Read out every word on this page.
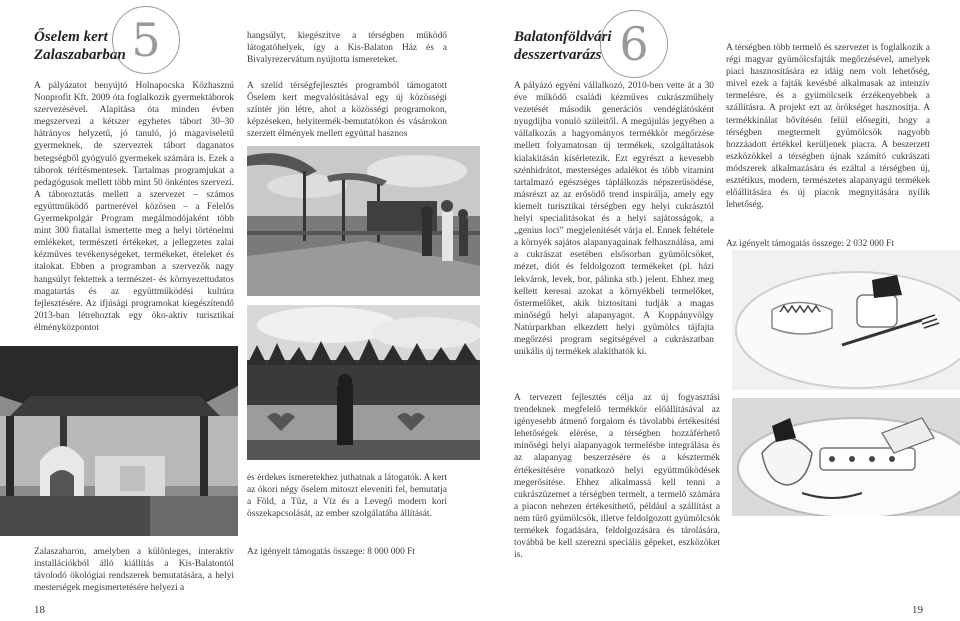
Őselem kert
Zalaszabarban 5

A pályázatot benyújtó Holnapocska Közhasznú Nonprofit Kft. 2009 óta foglalkozik gyermektáborok szervezésével. Alapítása óta minden évben megszervezi a kétszer egyhetes tábort 30–30 hátrányos helyzetű, jó tanuló, jó magaviseletű gyermeknek, de szerveztek tábort daganatos betegségből gyógyuló gyermekek számára is. Ezek a táborok térítésmentesek. Tartalmas programjukat a pedagógusok mellett több mint 50 önkéntes szervezi. A táboroztatás mellett a szervezet – számos együttműködő partnerével közösen – a Felelős Gyermekpolgár Program megálmodójaként több mint 300 fiatallal ismertette meg a helyi történelmi emlékeket, természeti értékeket, a jellegzetes zalai kézműves tevékenységeket, termékeket, ételeket és italokat. Ebben a programban a szervezők nagy hangsúlyt fektettek a természet- és környezettudatos magatartás és az együttműködési kultúra fejlesztésére. Az ifjúsági programokat kiegészítendő 2013-ban létrehoztak egy öko-aktív turisztikai élményközpontot

Zalaszabaron, amelyben a különleges, interaktív installációkból álló kiállítás a Kis-Balatontól távolodó ökológiai rendszerek bemutatására, a helyi mesterségek megismertetésére helyezi a

hangsúlyt, kiegészítve a térségben működő látogatóhelyek, így a Kis-Balaton Ház és a Bivalyrezervátum nyújtotta ismereteket.

A szelíd térségfejlesztés programból támogatott Őselem kert megvalósításával egy új közösségi színtér jön létre, ahol a közösségi programokon, képzéseken, helyitermék-bemutatókon és vásárokon szerzett élmények mellett együttal hasznos

és érdekes ismeretekhez juthatnak a látogatók. A kert az ókori négy őselem mitoszt eleveníti fel, bemutatja a Föld, a Tűz, a Víz és a Levegő modern kori összekapcsolását, az ember szolgálatába állítását.

Az igényelt támogatás összege: 8 000 000 Ft

18
Balatonföldvári
desszertvarázs 6

A pályázó egyéni vállalkozó, 2010-ben vette át a 30 éve működő családi kézműves cukrászműhely vezetését második generációs vendéglátósként nyugdíjba vonuló szüleitől. A megújulás jegyében a vállalkozás a hagyományos termékkör megőrzése mellett folyamatosan új termékek, szolgáltatások kialakításán kísérletezik. Ezt egyrészt a kevesebb szénhidrátot, mesterséges adalékot és több vitamint tartalmazó egészséges táplálkozás népszerűsödése, másrészt az az erősödő trend inspirálja, amely egy kiemelt turisztikai térségben egy helyi cukrásztól helyi specialitásokat és a helyi sajátosságok, a „genius loci” megjelenítését várja el. Ennek feltétele a környék sajátos alapanyagainak felhasználása, ami a cukrászat esetében elsősorban gyümölcsöket, mézet, diót és feldolgozott termékeket (pl. házi lekvárok, levek, bor, pálinka stb.) jelent. Ehhez meg kellett keresni azokat a környékbeli termelőket, őstermelőket, akik biztosítani tudják a magas minőségű helyi alapanyagot. A Koppányvölgy Natúrparkban elkezdett helyi gyümölcs tájfajta megőrzési program segítségével a cukrászatban unikális új termékek alakíthatók ki.

A térségben több termelő és szervezet is foglalkozik a régi magyar gyümölcsfajták megőrzésével, amelyek piaci hasznosítására ez idáig nem volt lehetőség, mivel ezek a fajták kevésbé alkalmasak az intenzív termelésre, és a gyümölcseik érzékenyebbek a szállításra. A projekt ezt az örökséget hasznosítja. A termékkínálat bővítésén felül elősegíti, hogy a térségben megtermelt gyümölcsök nagyobb hozzáadott értékkel kerüljenek piacra. A beszerzett eszközökkel a térségben újnak számító cukrászati módszerek alkalmazására és ezáltal a térségben új, esztétikus, modern, természetes alapanyagú termékek előállítására és új piacok megnyitására nyílik lehetőség.

Az igényelt támogatás összege: 2 032 000 Ft

A tervezett fejlesztés célja az új fogyasztási trendeknek megfelelő termékkör előállításával az igényesebb átmenő forgalom és távolabbi értékesítési lehetőségek elérése, a térségben hozzáférhető minőségi helyi alapanyagok termelésbe integrálása és az alapanyag beszerzésére és a késztermék értékesítésére vonatkozó helyi együttműködések megerősítése. Ehhez alkalmassá kell tenni a cukrászüzemet a térségben termelt, a termelő számára a piacon nehezen értékesíthető, például a szállítást a nem tűrő gyümölcsök, illetve feldolgozott gyümölcsök termékek fogadására, feldolgozására és tárolására, továbbá be kell szerezni speciális gépeket, eszközöket is.

19
